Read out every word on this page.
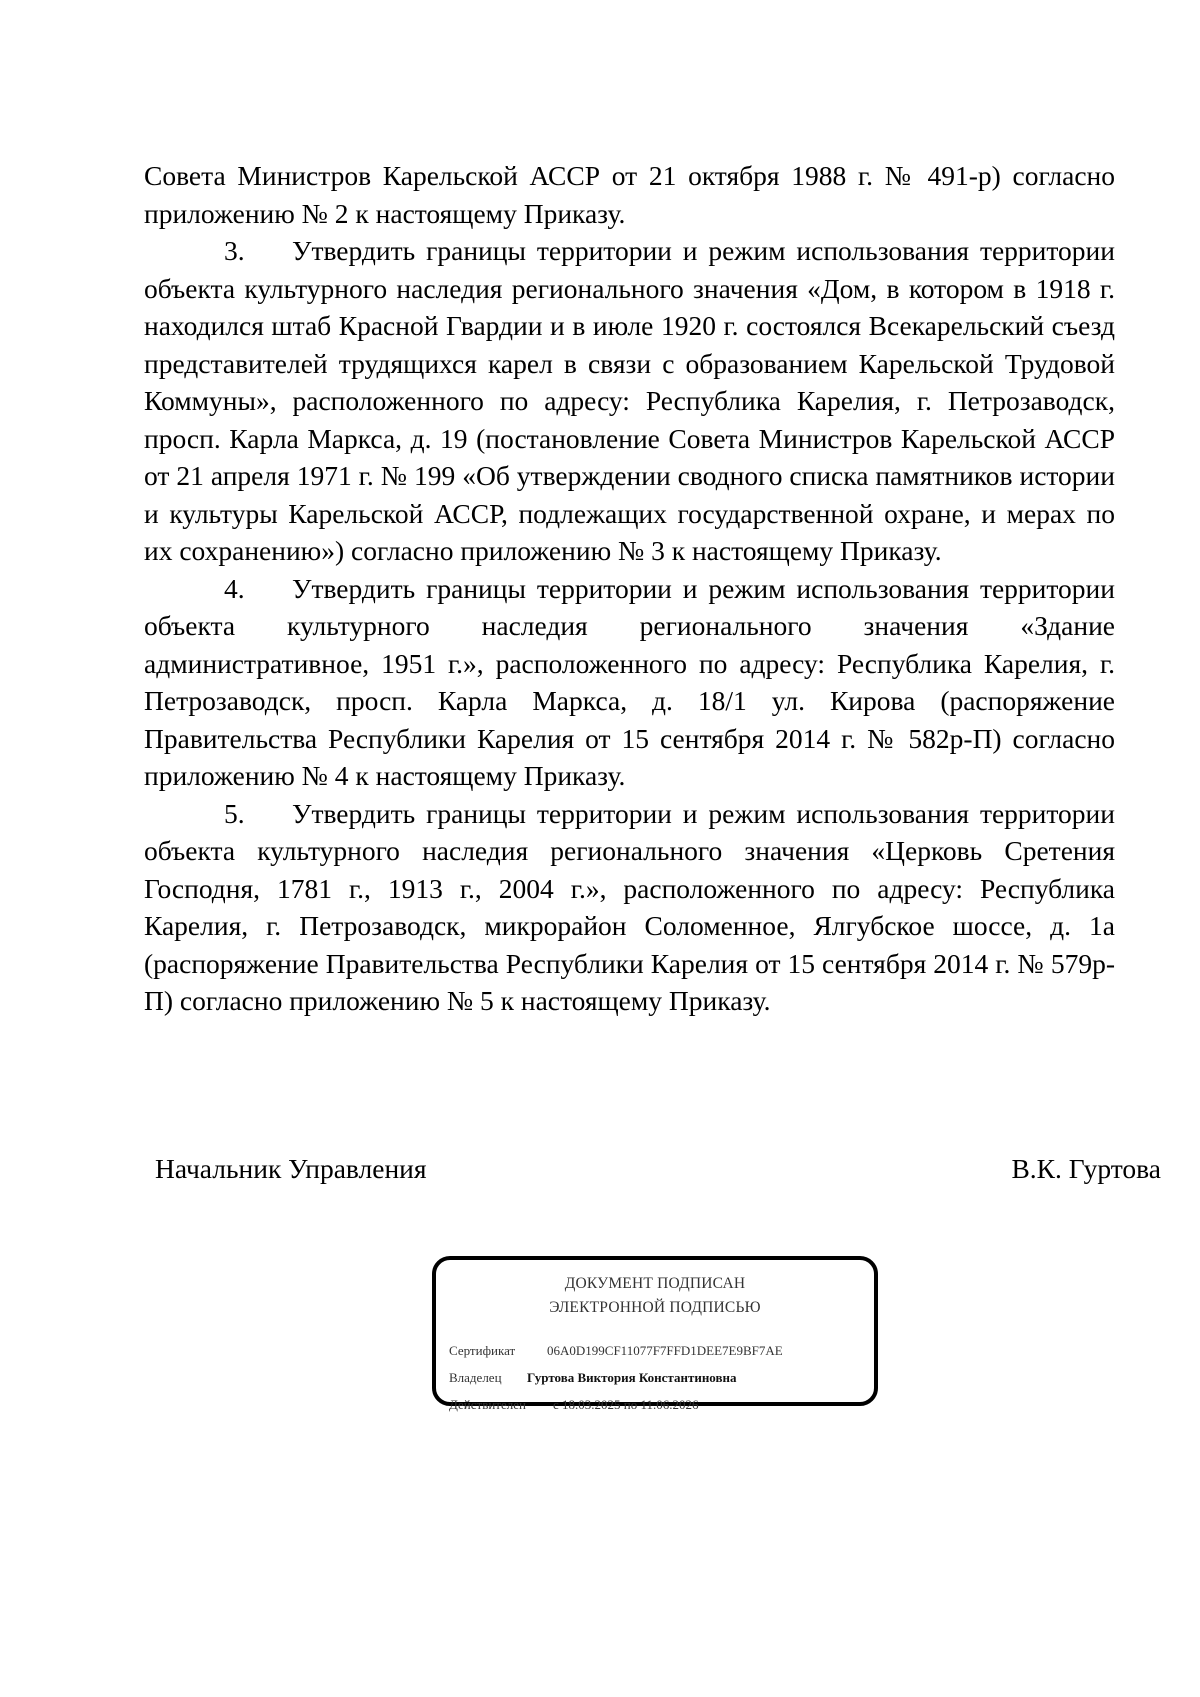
Совета Министров Карельской АССР от 21 октября 1988 г. № 491-р) согласно приложению № 2 к настоящему Приказу.

3. Утвердить границы территории и режим использования территории объекта культурного наследия регионального значения «Дом, в котором в 1918 г. находился штаб Красной Гвардии и в июле 1920 г. состоялся Всекарельский съезд представителей трудящихся карел в связи с образованием Карельской Трудовой Коммуны», расположенного по адресу: Республика Карелия, г. Петрозаводск, просп. Карла Маркса, д. 19 (постановление Совета Министров Карельской АССР от 21 апреля 1971 г. № 199 «Об утверждении сводного списка памятников истории и культуры Карельской АССР, подлежащих государственной охране, и мерах по их сохранению») согласно приложению № 3 к настоящему Приказу.

4. Утвердить границы территории и режим использования территории объекта культурного наследия регионального значения «Здание административное, 1951 г.», расположенного по адресу: Республика Карелия, г. Петрозаводск, просп. Карла Маркса, д. 18/1 ул. Кирова (распоряжение Правительства Республики Карелия от 15 сентября 2014 г. № 582р-П) согласно приложению № 4 к настоящему Приказу.

5. Утвердить границы территории и режим использования территории объекта культурного наследия регионального значения «Церковь Сретения Господня, 1781 г., 1913 г., 2004 г.», расположенного по адресу: Республика Карелия, г. Петрозаводск, микрорайон Соломенное, Ялгубское шоссе, д. 1а (распоряжение Правительства Республики Карелия от 15 сентября 2014 г. № 579р-П) согласно приложению № 5 к настоящему Приказу.

Начальник Управления	В.К. Гуртова
ДОКУМЕНТ ПОДПИСАН
ЭЛЕКТРОННОЙ ПОДПИСЬЮ
Сертификат 06A0D199CF11077F7FFD1DEE7E9BF7AE
Владелец Гуртова Виктория Константиновна
Действителен с 18.03.2025 по 11.06.2026
